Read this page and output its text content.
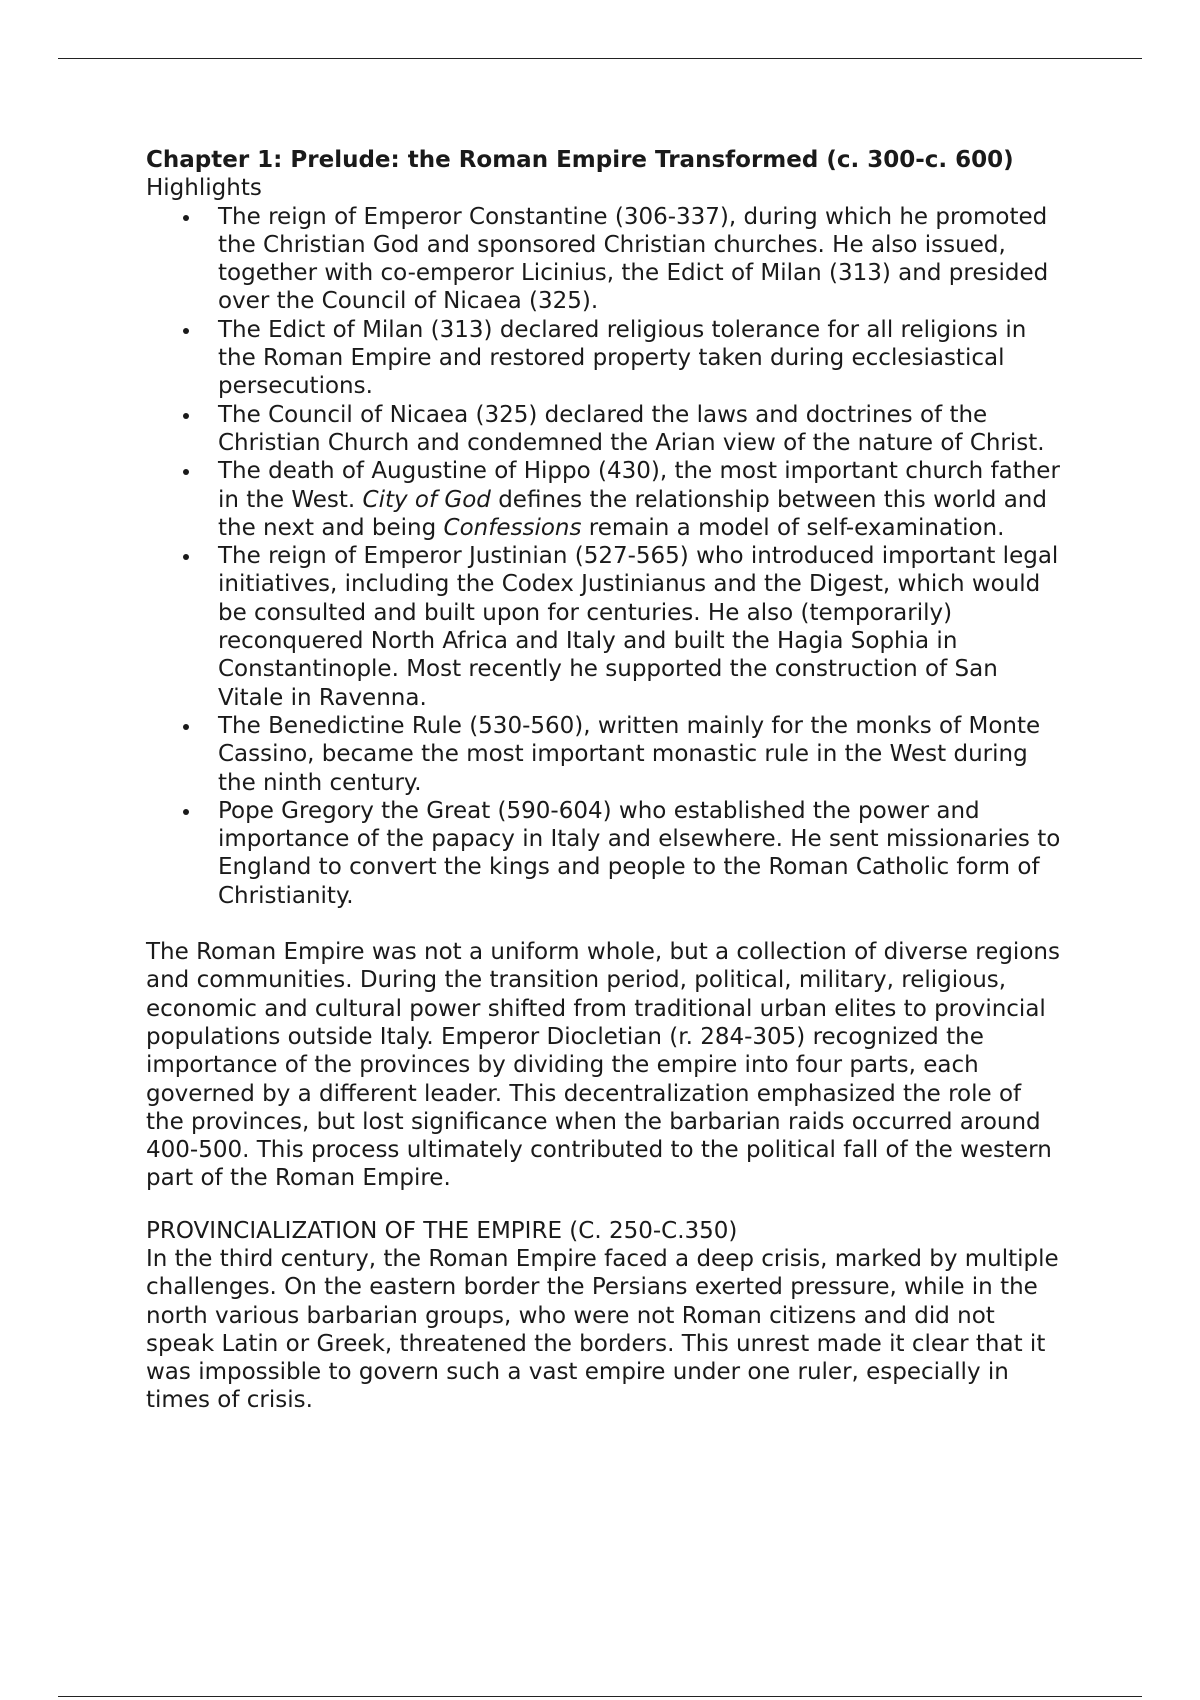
Chapter 1: Prelude: the Roman Empire Transformed (c. 300-c. 600)

Highlights

The reign of Emperor Constantine (306-337), during which he promoted the Christian God and sponsored Christian churches. He also issued, together with co-emperor Licinius, the Edict of Milan (313) and presided over the Council of Nicaea (325).
The Edict of Milan (313) declared religious tolerance for all religions in the Roman Empire and restored property taken during ecclesiastical persecutions.
The Council of Nicaea (325) declared the laws and doctrines of the Christian Church and condemned the Arian view of the nature of Christ.
The death of Augustine of Hippo (430), the most important church father in the West. City of God defines the relationship between this world and the next and being Confessions remain a model of self-examination.
The reign of Emperor Justinian (527-565) who introduced important legal initiatives, including the Codex Justinianus and the Digest, which would be consulted and built upon for centuries. He also (temporarily) reconquered North Africa and Italy and built the Hagia Sophia in Constantinople. Most recently he supported the construction of San Vitale in Ravenna.
The Benedictine Rule (530-560), written mainly for the monks of Monte Cassino, became the most important monastic rule in the West during the ninth century.
Pope Gregory the Great (590-604) who established the power and importance of the papacy in Italy and elsewhere. He sent missionaries to England to convert the kings and people to the Roman Catholic form of Christianity.

The Roman Empire was not a uniform whole, but a collection of diverse regions and communities. During the transition period, political, military, religious, economic and cultural power shifted from traditional urban elites to provincial populations outside Italy. Emperor Diocletian (r. 284-305) recognized the importance of the provinces by dividing the empire into four parts, each governed by a different leader. This decentralization emphasized the role of the provinces, but lost significance when the barbarian raids occurred around 400-500. This process ultimately contributed to the political fall of the western part of the Roman Empire.

PROVINCIALIZATION OF THE EMPIRE (C. 250-C.350)

In the third century, the Roman Empire faced a deep crisis, marked by multiple challenges. On the eastern border the Persians exerted pressure, while in the north various barbarian groups, who were not Roman citizens and did not speak Latin or Greek, threatened the borders. This unrest made it clear that it was impossible to govern such a vast empire under one ruler, especially in times of crisis.
